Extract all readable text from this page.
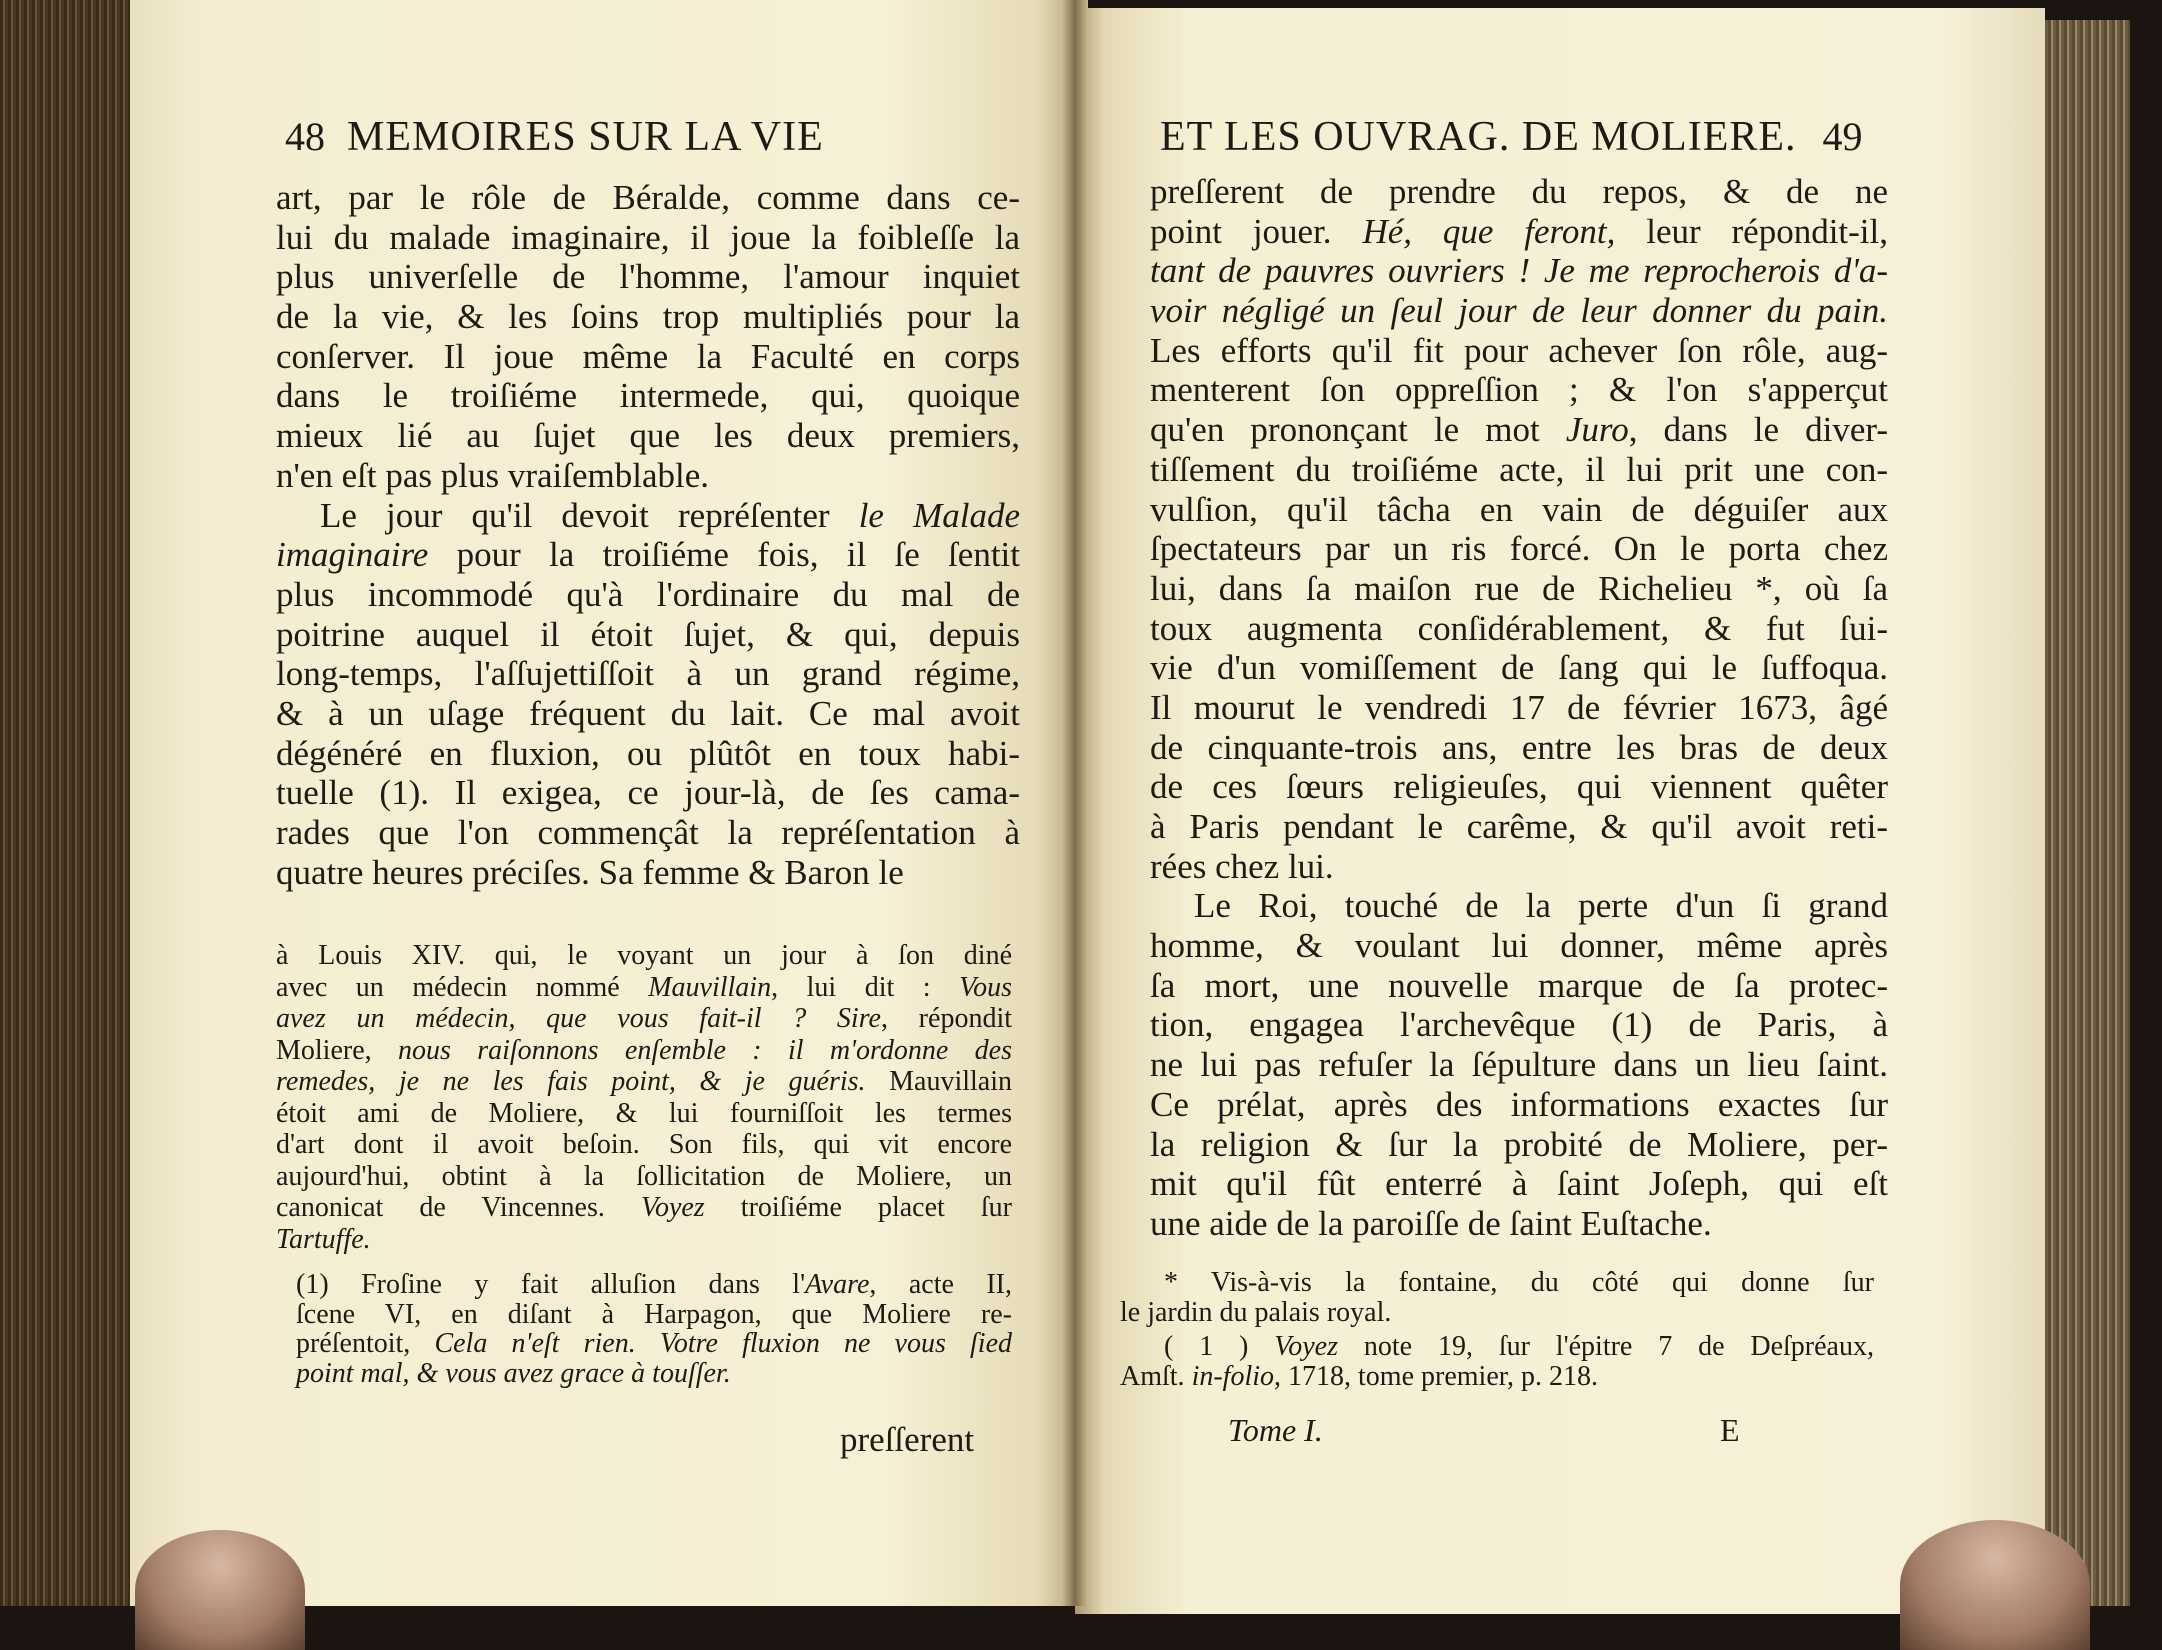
48 MEMOIRES SUR LA VIE
art, par le rôle de Béralde, comme dans ce-
lui du malade imaginaire, il joue la foibleſſe la
plus univerſelle de l'homme, l'amour inquiet
de la vie, & les ſoins trop multipliés pour la
conſerver. Il joue même la Faculté en corps
dans le troiſiéme intermede, qui, quoique
mieux lié au ſujet que les deux premiers,
n'en eſt pas plus vraiſemblable.
Le jour qu'il devoit repréſenter le Malade
imaginaire pour la troiſiéme fois, il ſe ſentit
plus incommodé qu'à l'ordinaire du mal de
poitrine auquel il étoit ſujet, & qui, depuis
long-temps, l'aſſujettiſſoit à un grand régime,
& à un uſage fréquent du lait. Ce mal avoit
dégénéré en fluxion, ou plûtôt en toux habi-
tuelle (1). Il exigea, ce jour-là, de ſes cama-
rades que l'on commençât la repréſentation à
quatre heures préciſes. Sa femme & Baron le
à Louis XIV. qui, le voyant un jour à ſon diné
avec un médecin nommé Mauvillain, lui dit : Vous
avez un médecin, que vous fait-il ? Sire, répondit
Moliere, nous raiſonnons enſemble : il m'ordonne des
remedes, je ne les fais point, & je guéris. Mauvillain
étoit ami de Moliere, & lui fourniſſoit les termes
d'art dont il avoit beſoin. Son fils, qui vit encore
aujourd'hui, obtint à la ſollicitation de Moliere, un
canonicat de Vincennes. Voyez troiſiéme placet ſur
Tartuffe.
(1) Froſine y fait alluſion dans l'Avare, acte II,
ſcene VI, en diſant à Harpagon, que Moliere re-
préſentoit, Cela n'eſt rien. Votre fluxion ne vous ſied
point mal, & vous avez grace à touſſer.
preſſerent
ET LES OUVRAG. DE MOLIERE. 49
preſſerent de prendre du repos, & de ne
point jouer. Hé, que feront, leur répondit-il,
tant de pauvres ouvriers ! Je me reprocherois d'a-
voir négligé un ſeul jour de leur donner du pain.
Les efforts qu'il fit pour achever ſon rôle, aug-
menterent ſon oppreſſion ; & l'on s'apperçut
qu'en prononçant le mot Juro, dans le diver-
tiſſement du troiſiéme acte, il lui prit une con-
vulſion, qu'il tâcha en vain de déguiſer aux
ſpectateurs par un ris forcé. On le porta chez
lui, dans ſa maiſon rue de Richelieu *, où ſa
toux augmenta conſidérablement, & fut ſui-
vie d'un vomiſſement de ſang qui le ſuffoqua.
Il mourut le vendredi 17 de février 1673, âgé
de cinquante-trois ans, entre les bras de deux
de ces ſœurs religieuſes, qui viennent quêter
à Paris pendant le carême, & qu'il avoit reti-
rées chez lui.
Le Roi, touché de la perte d'un ſi grand
homme, & voulant lui donner, même après
ſa mort, une nouvelle marque de ſa protec-
tion, engagea l'archevêque (1) de Paris, à
ne lui pas refuſer la ſépulture dans un lieu ſaint.
Ce prélat, après des informations exactes ſur
la religion & ſur la probité de Moliere, per-
mit qu'il fût enterré à ſaint Joſeph, qui eſt
une aide de la paroiſſe de ſaint Euſtache.
* Vis-à-vis la fontaine, du côté qui donne ſur
le jardin du palais royal.
( 1 ) Voyez note 19, ſur l'épitre 7 de Deſpréaux,
Amſt. in-folio, 1718, tome premier, p. 218.
Tome I.	E
